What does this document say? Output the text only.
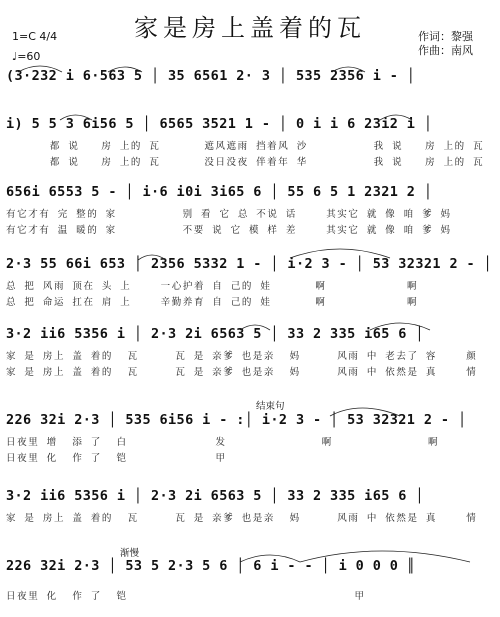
家是房上盖着的瓦
1=C 4/4
♩=60
作词：黎强
作曲：南风
(3·232 i 6·563 5 │ 35 6561 2· 3 │ 535 2356 i - │
i) 5 5 3 6i56 5 │ 6565 3521 1 - │ 0 i i 6 23i2 i │
都 说   房 上的 瓦      遮风遮雨 挡着风 沙         我 说   房 上的 瓦
都 说   房 上的 瓦      没日没夜 伴着年 华         我 说   房 上的 瓦
656i 6553 5 - │ i·6 i0i 3i65 6 │ 55 6 5 1 2321 2 │
有它才有 完 整的 家         别 看 它 总 不说 话    其实它 就 像 咱 爹 妈
有它才有 温 暖的 家         不要 说 它 模 样 差    其实它 就 像 咱 爹 妈
2·3 55 66i 653 │ 2356 5332 1 - │ i·2 3 - │ 53 32321 2 - │
总 把 风雨 顶在 头 上    一心护着 自 己的 娃      啊           啊
总 把 命运 扛在 肩 上    辛勤养育 自 己的 娃      啊           啊
3·2 ii6 5356 i │ 2·3 2i 6563 5 │ 33 2 335 i65 6 │
家 是 房上 盖 着的  瓦     瓦 是 亲爹 也是亲  妈     风雨 中 老去了 容    颜
家 是 房上 盖 着的  瓦     瓦 是 亲爹 也是亲  妈     风雨 中 依然是 真    情
结束句
226 32i 2·3 │ 535 6i56 i - :│ i·2 3 - │ 53 32321 2 - │
日夜里 增  添 了  白            发             啊             啊
日夜里 化  作 了  铠            甲
3·2 ii6 5356 i │ 2·3 2i 6563 5 │ 33 2 335 i65 6 │
家 是 房上 盖 着的  瓦     瓦 是 亲爹 也是亲  妈     风雨 中 依然是 真    情
渐慢
226 32i 2·3 │ 53 5 2·3 5 6 │ 6 i - - │ i 0 0 0 ║
日夜里 化  作 了  铠                               甲
